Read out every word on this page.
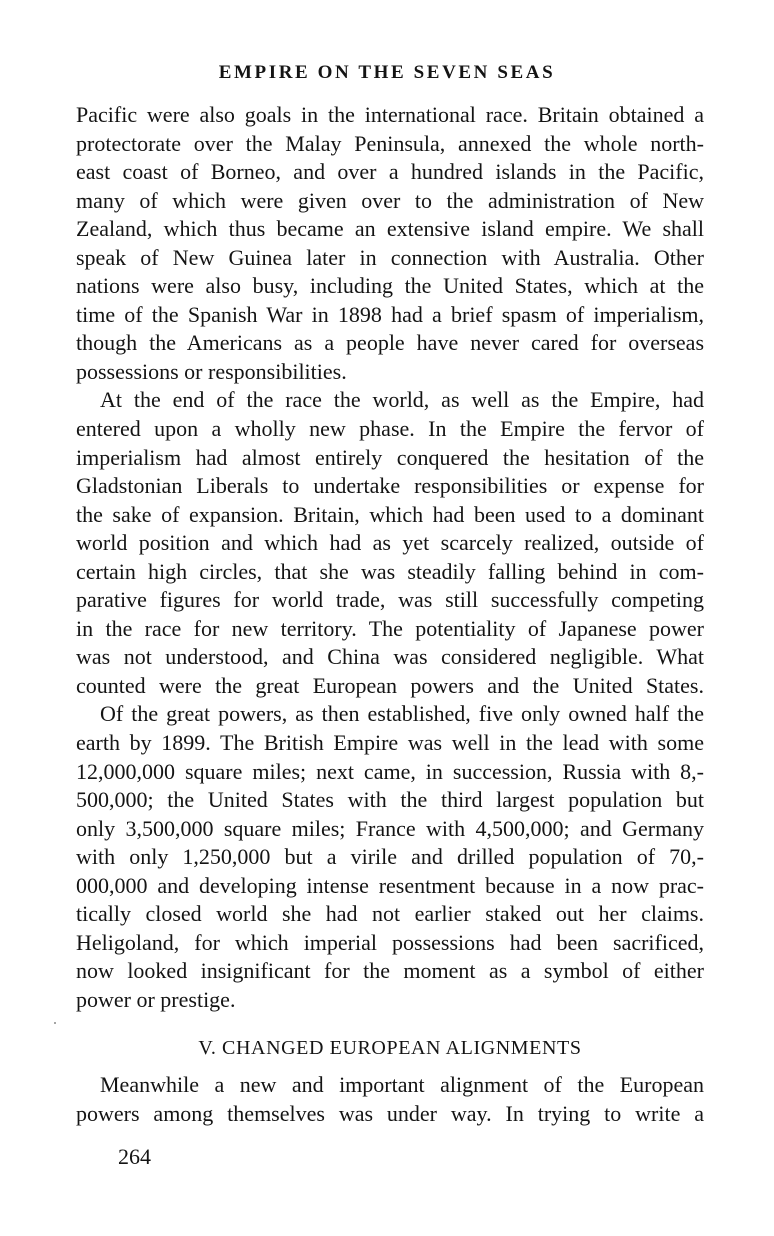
EMPIRE ON THE SEVEN SEAS
Pacific were also goals in the international race. Britain obtained a
protectorate over the Malay Peninsula, annexed the whole north-
east coast of Borneo, and over a hundred islands in the Pacific,
many of which were given over to the administration of New
Zealand, which thus became an extensive island empire. We shall
speak of New Guinea later in connection with Australia. Other
nations were also busy, including the United States, which at the
time of the Spanish War in 1898 had a brief spasm of imperialism,
though the Americans as a people have never cared for overseas
possessions or responsibilities.
At the end of the race the world, as well as the Empire, had
entered upon a wholly new phase. In the Empire the fervor of
imperialism had almost entirely conquered the hesitation of the
Gladstonian Liberals to undertake responsibilities or expense for
the sake of expansion. Britain, which had been used to a dominant
world position and which had as yet scarcely realized, outside of
certain high circles, that she was steadily falling behind in com-
parative figures for world trade, was still successfully competing
in the race for new territory. The potentiality of Japanese power
was not understood, and China was considered negligible. What
counted were the great European powers and the United States.
Of the great powers, as then established, five only owned half the
earth by 1899. The British Empire was well in the lead with some
12,000,000 square miles; next came, in succession, Russia with 8,-
500,000; the United States with the third largest population but
only 3,500,000 square miles; France with 4,500,000; and Germany
with only 1,250,000 but a virile and drilled population of 70,-
000,000 and developing intense resentment because in a now prac-
tically closed world she had not earlier staked out her claims.
Heligoland, for which imperial possessions had been sacrificed,
now looked insignificant for the moment as a symbol of either
power or prestige.
V. CHANGED EUROPEAN ALIGNMENTS
Meanwhile a new and important alignment of the European
powers among themselves was under way. In trying to write a
264
